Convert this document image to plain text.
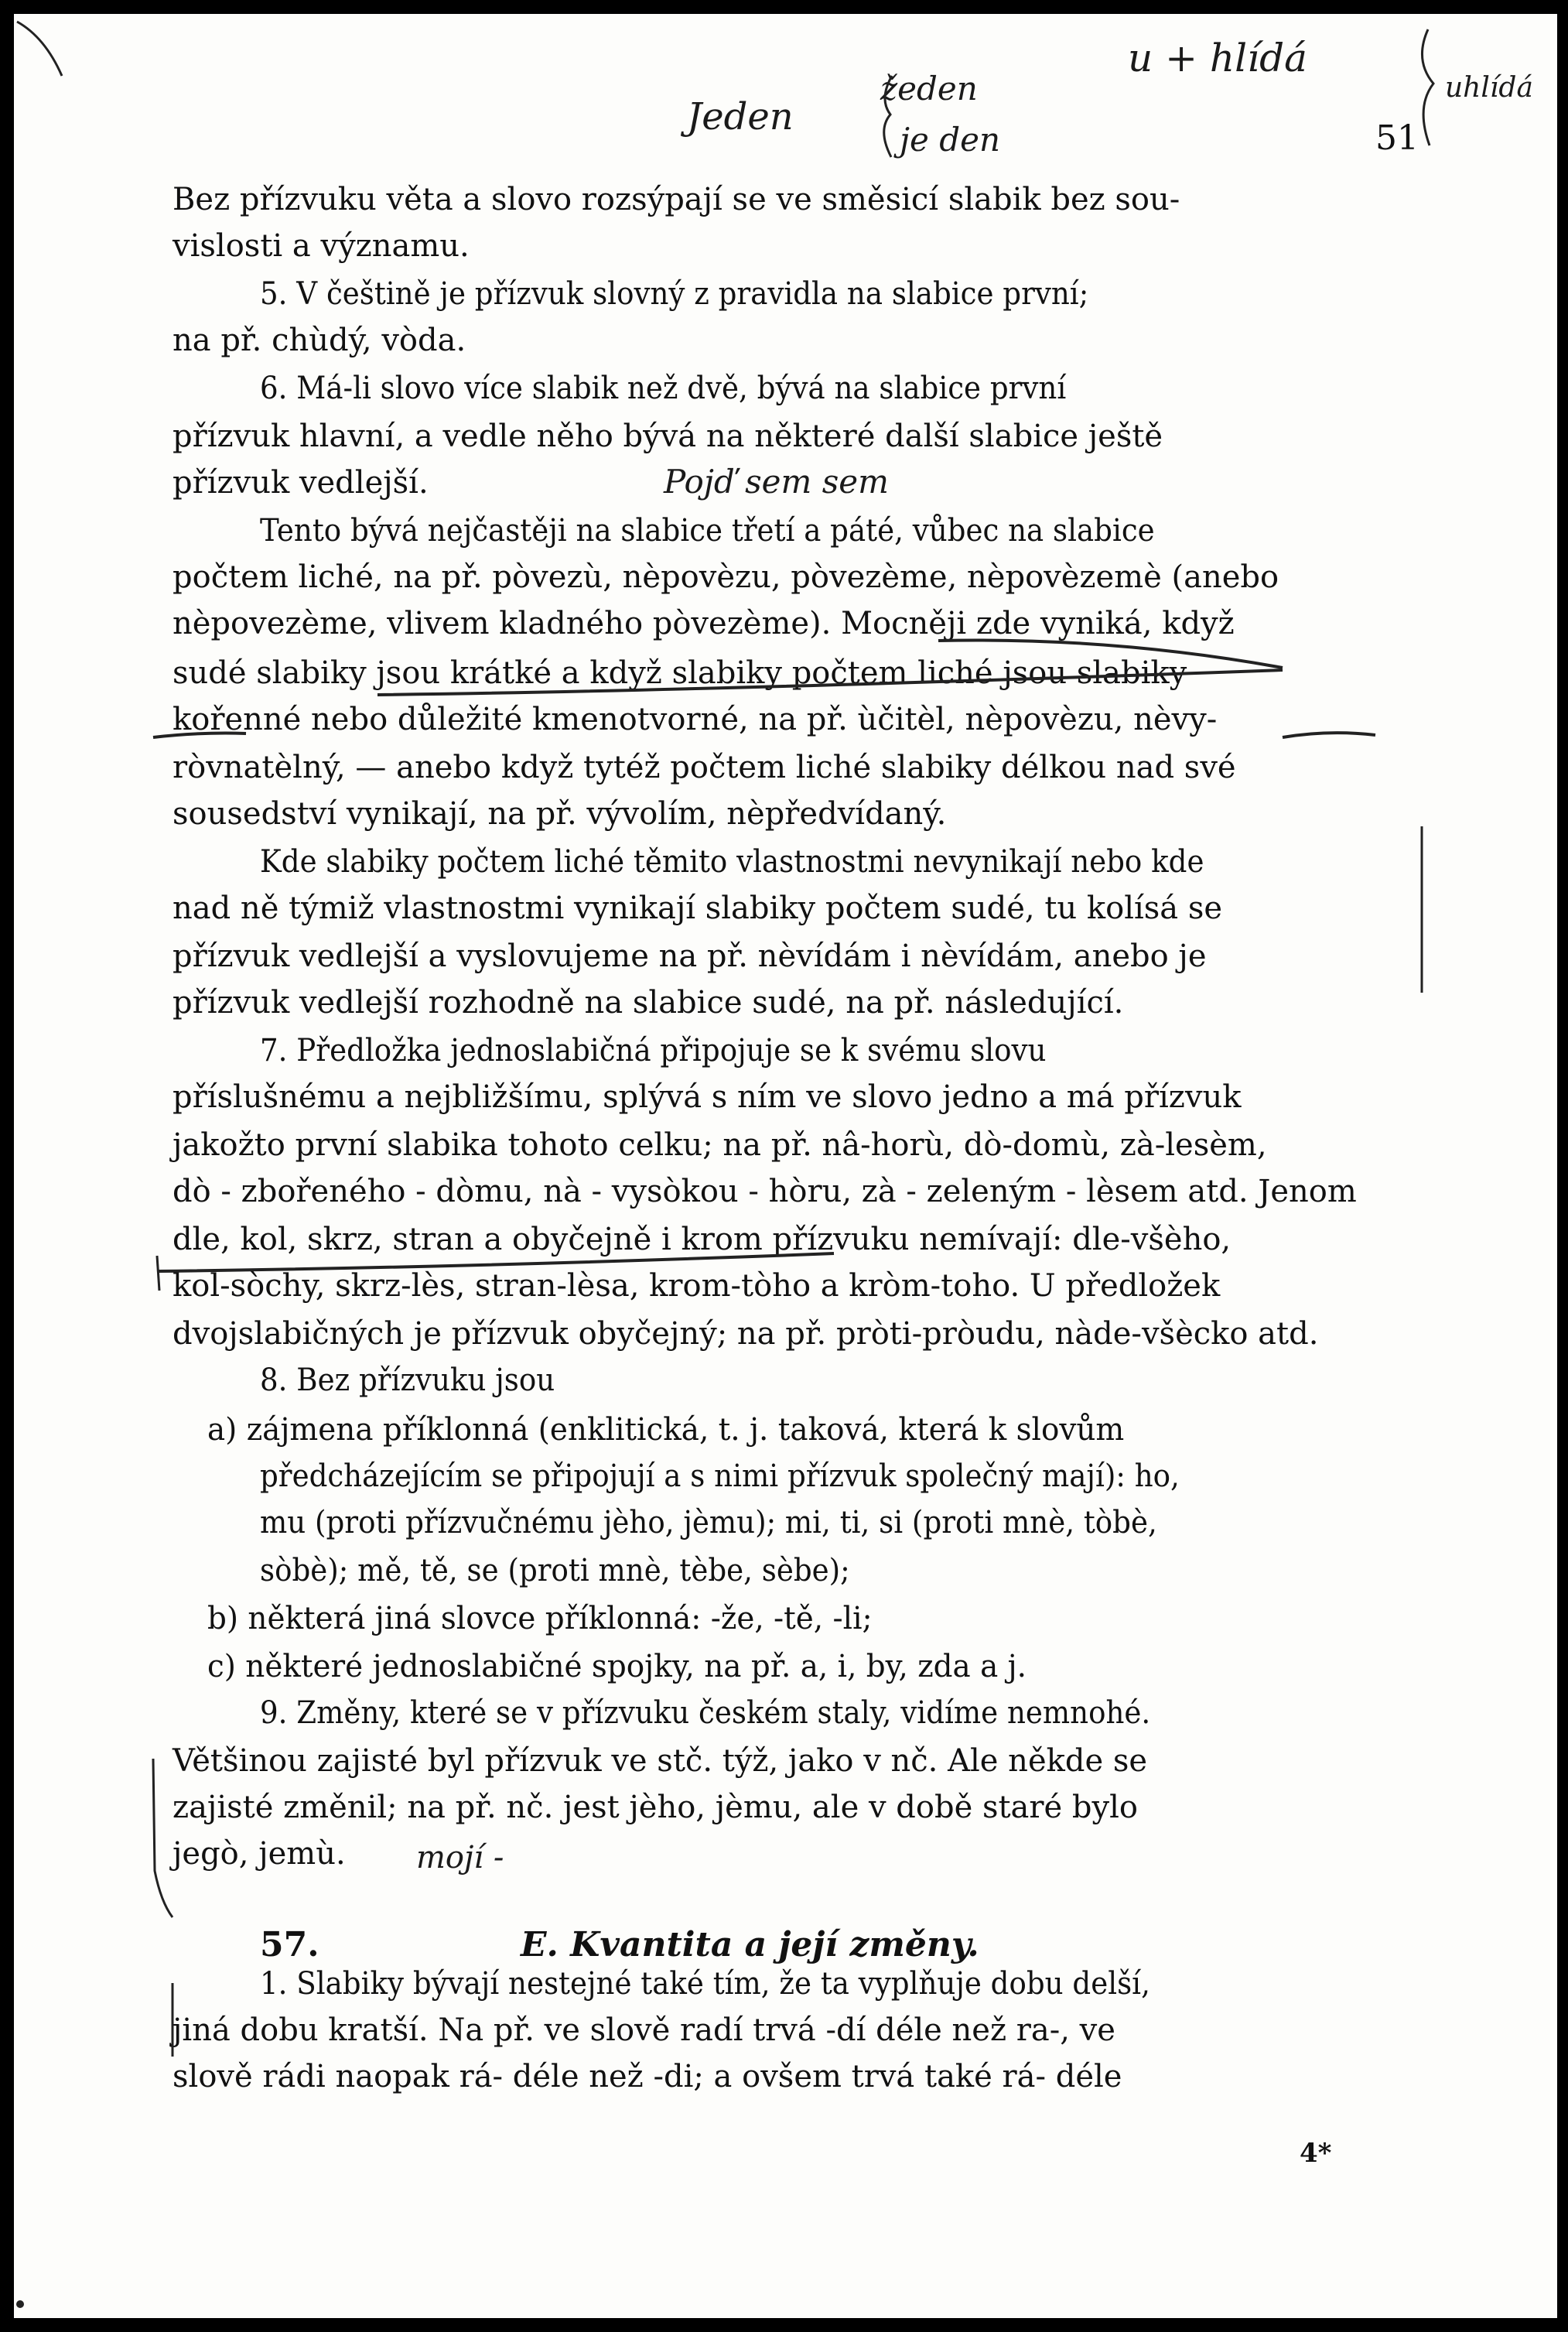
51
Jeden
žeden
je den
u + hlídá
uhlídá
Pojď sem sem
mojí -
Bez přízvuku věta a slovo rozsýpají se ve směsicí slabik bez sou-
vislosti a významu.
5. V češtině je přízvuk slovný z pravidla na slabice první;
na př. chùdý, vòda.
6. Má-li slovo více slabik než dvě, bývá na slabice první
přízvuk hlavní, a vedle něho bývá na některé další slabice ještě
přízvuk vedlejší.
Tento bývá nejčastěji na slabice třetí a páté, vůbec na slabice
počtem liché, na př. pòvezù, nèpovèzu, pòvezème, nèpovèzemè (anebo
nèpovezème, vlivem kladného pòvezème). Mocněji zde vyniká, když
sudé slabiky jsou krátké a když slabiky počtem liché jsou slabiky
kořenné nebo důležité kmenotvorné, na př. ùčitèl, nèpovèzu, nèvy-
ròvnatèlný, — anebo když tytéž počtem liché slabiky délkou nad své
sousedství vynikají, na př. vývolím, nèpředvídaný.
Kde slabiky počtem liché těmito vlastnostmi nevynikají nebo kde
nad ně týmiž vlastnostmi vynikají slabiky počtem sudé, tu kolísá se
přízvuk vedlejší a vyslovujeme na př. nèvídám i nèvídám, anebo je
přízvuk vedlejší rozhodně na slabice sudé, na př. následující.
7. Předložka jednoslabičná připojuje se k svému slovu
příslušnému a nejbližšímu, splývá s ním ve slovo jedno a má přízvuk
jakožto první slabika tohoto celku; na př. nâ-horù, dò-domù, zà-lesèm,
dò - zbořeného - dòmu, nà - vysòkou - hòru, zà - zeleným - lèsem atd. Jenom
dle, kol, skrz, stran a obyčejně i krom přízvuku nemívají: dle-všèho,
kol-sòchy, skrz-lès, stran-lèsa, krom-tòho a kròm-toho. U předložek
dvojslabičných je přízvuk obyčejný; na př. pròti-pròudu, nàde-všècko atd.
8. Bez přízvuku jsou
a) zájmena příklonná (enklitická, t. j. taková, která k slovům
předcházejícím se připojují a s nimi přízvuk společný mají): ho,
mu (proti přízvučnému jèho, jèmu); mi, ti, si (proti mnè, tòbè,
sòbè); mě, tě, se (proti mnè, tèbe, sèbe);
b) některá jiná slovce příklonná: -že, -tě, -li;
c) některé jednoslabičné spojky, na př. a, i, by, zda a j.
9. Změny, které se v přízvuku českém staly, vidíme nemnohé.
Většinou zajisté byl přízvuk ve stč. týž, jako v nč. Ale někde se
zajisté změnil; na př. nč. jest jèho, jèmu, ale v době staré bylo
jegò, jemù.
1. Slabiky bývají nestejné také tím, že ta vyplňuje dobu delší,
jiná dobu kratší. Na př. ve slově radí trvá -dí déle než ra-, ve
slově rádi naopak rá- déle než -di; a ovšem trvá také rá- déle
57.	E. Kvantita a její změny.
4*
